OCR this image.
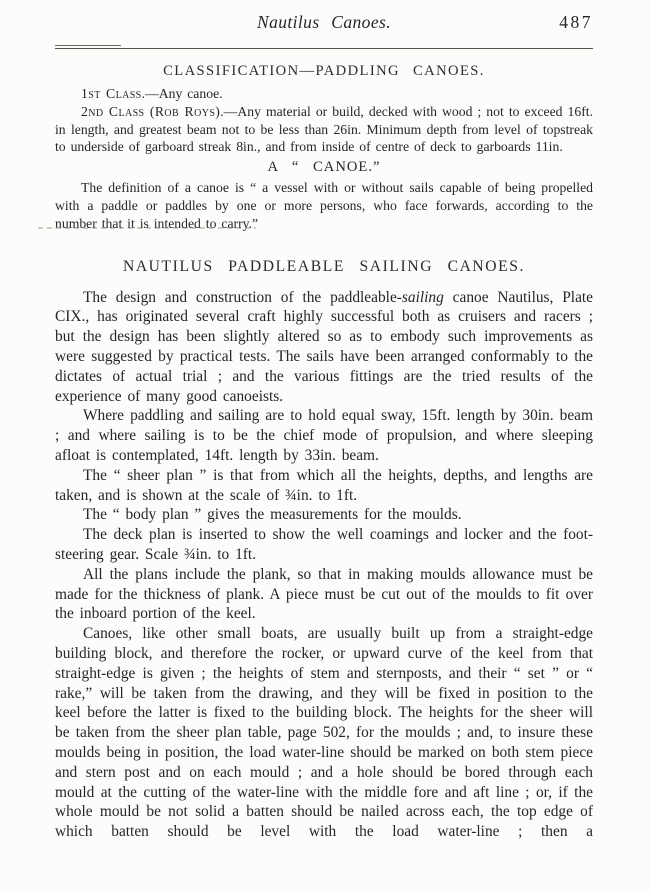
Nautilus Canoes.	487
CLASSIFICATION—PADDLING CANOES.

1st Class.—Any canoe.

2nd Class (Rob Roys).—Any material or build, decked with wood ; not to exceed 16ft. in length, and greatest beam not to be less than 26in. Minimum depth from level of topstreak to underside of garboard streak 8in., and from inside of centre of deck to garboards 11in.

A “ CANOE.”

The definition of a canoe is “ a vessel with or without sails capable of being propelled with a paddle or paddles by one or more persons, who face forwards, according to the number that it is intended to carry.”

NAUTILUS PADDLEABLE SAILING CANOES.

The design and construction of the paddleable-sailing canoe Nautilus, Plate CIX., has originated several craft highly successful both as cruisers and racers ; but the design has been slightly altered so as to embody such improvements as were suggested by practical tests. The sails have been arranged conformably to the dictates of actual trial ; and the various fittings are the tried results of the experience of many good canoeists.

Where paddling and sailing are to hold equal sway, 15ft. length by 30in. beam ; and where sailing is to be the chief mode of propulsion, and where sleeping afloat is contemplated, 14ft. length by 33in. beam.

The “ sheer plan ” is that from which all the heights, depths, and lengths are taken, and is shown at the scale of ¾in. to 1ft.

The “ body plan ” gives the measurements for the moulds.

The deck plan is inserted to show the well coamings and locker and the foot-steering gear. Scale ¾in. to 1ft.

All the plans include the plank, so that in making moulds allowance must be made for the thickness of plank. A piece must be cut out of the moulds to fit over the inboard portion of the keel.

Canoes, like other small boats, are usually built up from a straight-edge building block, and therefore the rocker, or upward curve of the keel from that straight-edge is given ; the heights of stem and sternposts, and their “ set ” or “ rake,” will be taken from the drawing, and they will be fixed in position to the keel before the latter is fixed to the building block. The heights for the sheer will be taken from the sheer plan table, page 502, for the moulds ; and, to insure these moulds being in position, the load water-line should be marked on both stem piece and stern post and on each mould ; and a hole should be bored through each mould at the cutting of the water-line with the middle fore and aft line ; or, if the whole mould be not solid a batten should be nailed across each, the top edge of which batten should be level with the load water-line ; then a
